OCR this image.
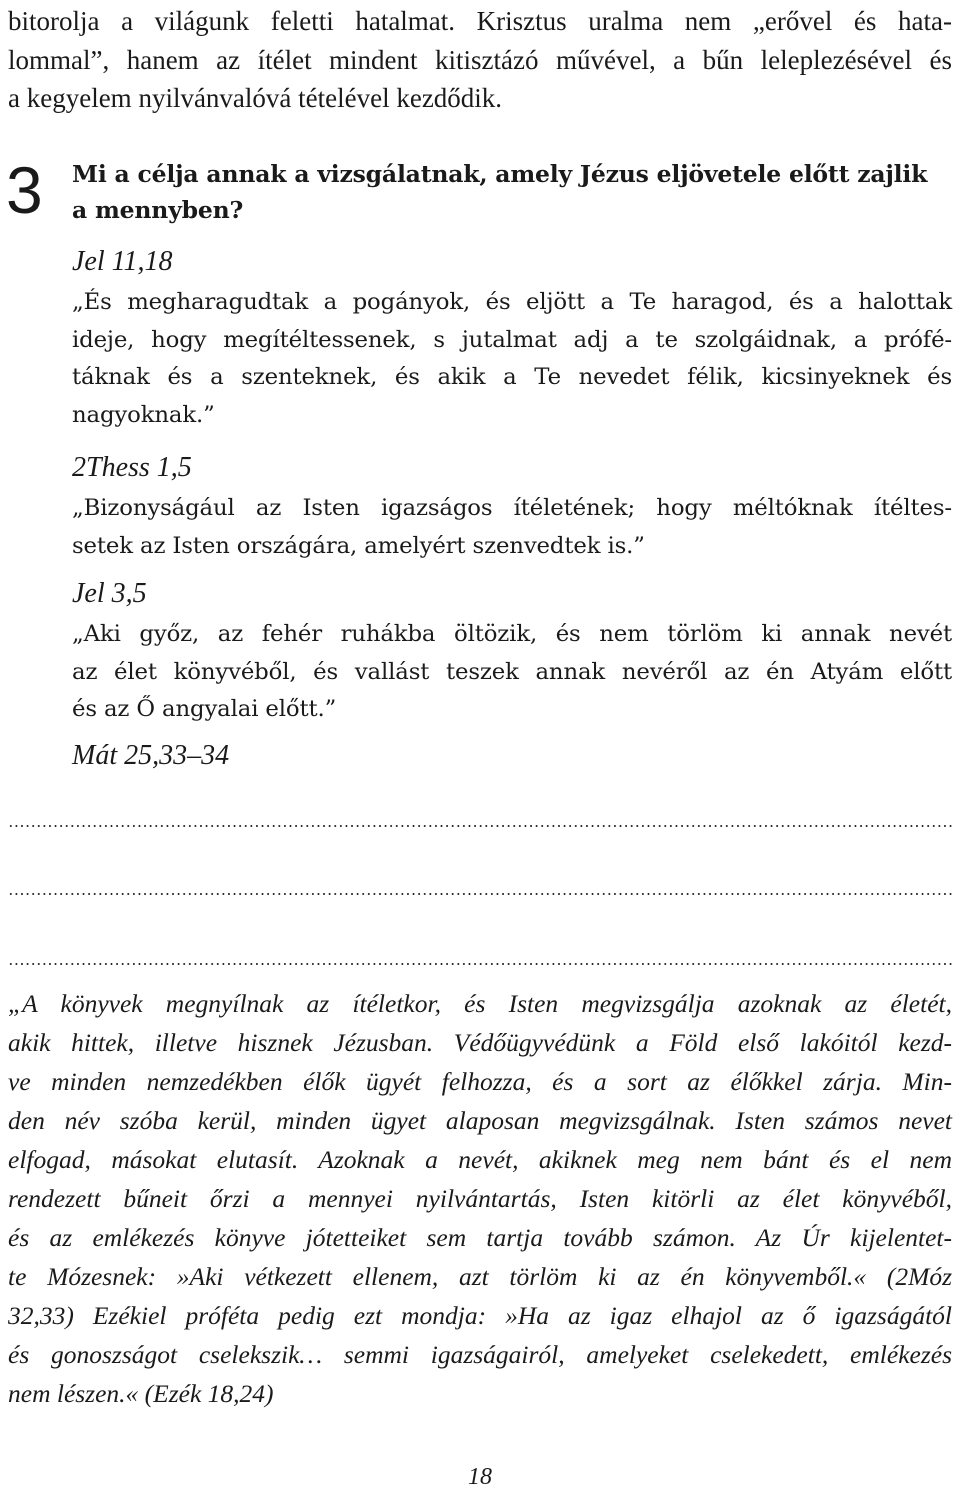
bitorolja a világunk feletti hatalmat. Krisztus uralma nem „erővel és hata-
lommal”, hanem az ítélet mindent kitisztázó művével, a bűn leleplezésével és
a kegyelem nyilvánvalóvá tételével kezdődik.
3 Mi a célja annak a vizsgálatnak, amely Jézus eljövetele előtt zajlik
a mennyben?
Jel 11,18
„És megharagudtak a pogányok, és eljött a Te haragod, és a halottak
ideje, hogy megítéltessenek, s jutalmat adj a te szolgáidnak, a prófé-
táknak és a szenteknek, és akik a Te nevedet félik, kicsinyeknek és
nagyoknak.”
2Thess 1,5
„Bizonyságául az Isten igazságos ítéletének; hogy méltóknak ítéltes-
setek az Isten országára, amelyért szenvedtek is.”
Jel 3,5
„Aki győz, az fehér ruhákba öltözik, és nem törlöm ki annak nevét
az élet könyvéből, és vallást teszek annak nevéről az én Atyám előtt
és az Ő angyalai előtt.”
Mát 25,33–34
„A könyvek megnyílnak az ítéletkor, és Isten megvizsgálja azoknak az életét,
akik hittek, illetve hisznek Jézusban. Védőügyvédünk a Föld első lakóitól kezd-
ve minden nemzedékben élők ügyét felhozza, és a sort az élőkkel zárja. Min-
den név szóba kerül, minden ügyet alaposan megvizsgálnak. Isten számos nevet
elfogad, másokat elutasít. Azoknak a nevét, akiknek meg nem bánt és el nem
rendezett bűneit őrzi a mennyei nyilvántartás, Isten kitörli az élet könyvéből,
és az emlékezés könyve jótetteiket sem tartja tovább számon. Az Úr kijelentet-
te Mózesnek: »Aki vétkezett ellenem, azt törlöm ki az én könyvemből.« (2Móz
32,33) Ezékiel próféta pedig ezt mondja: »Ha az igaz elhajol az ő igazságától
és gonoszságot cselekszik… semmi igazságairól, amelyeket cselekedett, emlékezés
nem lészen.« (Ezék 18,24)
18
